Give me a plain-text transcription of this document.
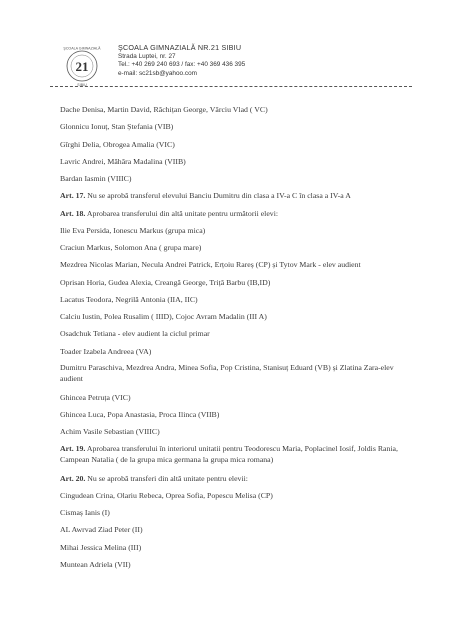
21
ŞCOALA GIMNAZIALĂ
SIBIU
ŞCOALA GIMNAZIALĂ NR.21 SIBIU
Strada Luptei, nr. 27
Tel.: +40 269 240 693 / fax: +40 369 436 395
e-mail: sc21sb@yahoo.com
Dache Denisa, Martin David, Răchițan George, Vârciu Vlad ( VC)
Glonnicu Ionuț, Stan Ștefania (VIB)
Gîrghi Delia, Obrogea Amalia (VIC)
Lavric Andrei, Măhăra Madalina (VIIB)
Bardan Iasmin (VIIIC)
Art. 17. Nu se aprobă transferul elevului Banciu Dumitru din clasa a IV-a C în clasa a IV-a A
Art. 18. Aprobarea transferului din altă unitate pentru următorii elevi:
Ilie Eva Persida, Ionescu Markus (grupa mica)
Craciun Markus, Solomon Ana ( grupa mare)
Mezdrea Nicolas Marian, Necula Andrei Patrick, Erțoiu Rareș (CP) și Tytov Mark - elev audient
Oprisan Horia, Gudea Alexia, Creangă George, Triță Barbu (IB,ID)
Lacatus Teodora, Negrilă Antonia (IIA, IIC)
Calciu Iustin, Polea Rusalim ( IIID), Cojoc Avram Madalin (III A)
Osadchuk Tetiana - elev audient la ciclul primar
Toader Izabela Andreea (VA)
Dumitru Paraschiva, Mezdrea Andra, Minea Sofia, Pop Cristina, Stanisuț Eduard (VB) și Zlatina Zara-elev audient
Ghincea Petruța (VIC)
Ghincea Luca, Popa Anastasia, Proca Ilinca (VIIB)
Achim Vasile Sebastian (VIIIC)
Art. 19. Aprobarea transferului în interiorul unitatii pentru Teodorescu Maria, Poplacinel Iosif, Joldis Rania, Campean Natalia ( de la grupa mica germana la grupa mica romana)
Art. 20. Nu se aprobă transferi din altă unitate pentru elevii:
Cingudean Crina, Olariu Rebeca, Oprea Sofia, Popescu Melisa (CP)
Cismaș Ianis (I)
AL Awrvad Ziad Peter (II)
Mihai Jessica Melina (III)
Muntean Adriela (VII)
